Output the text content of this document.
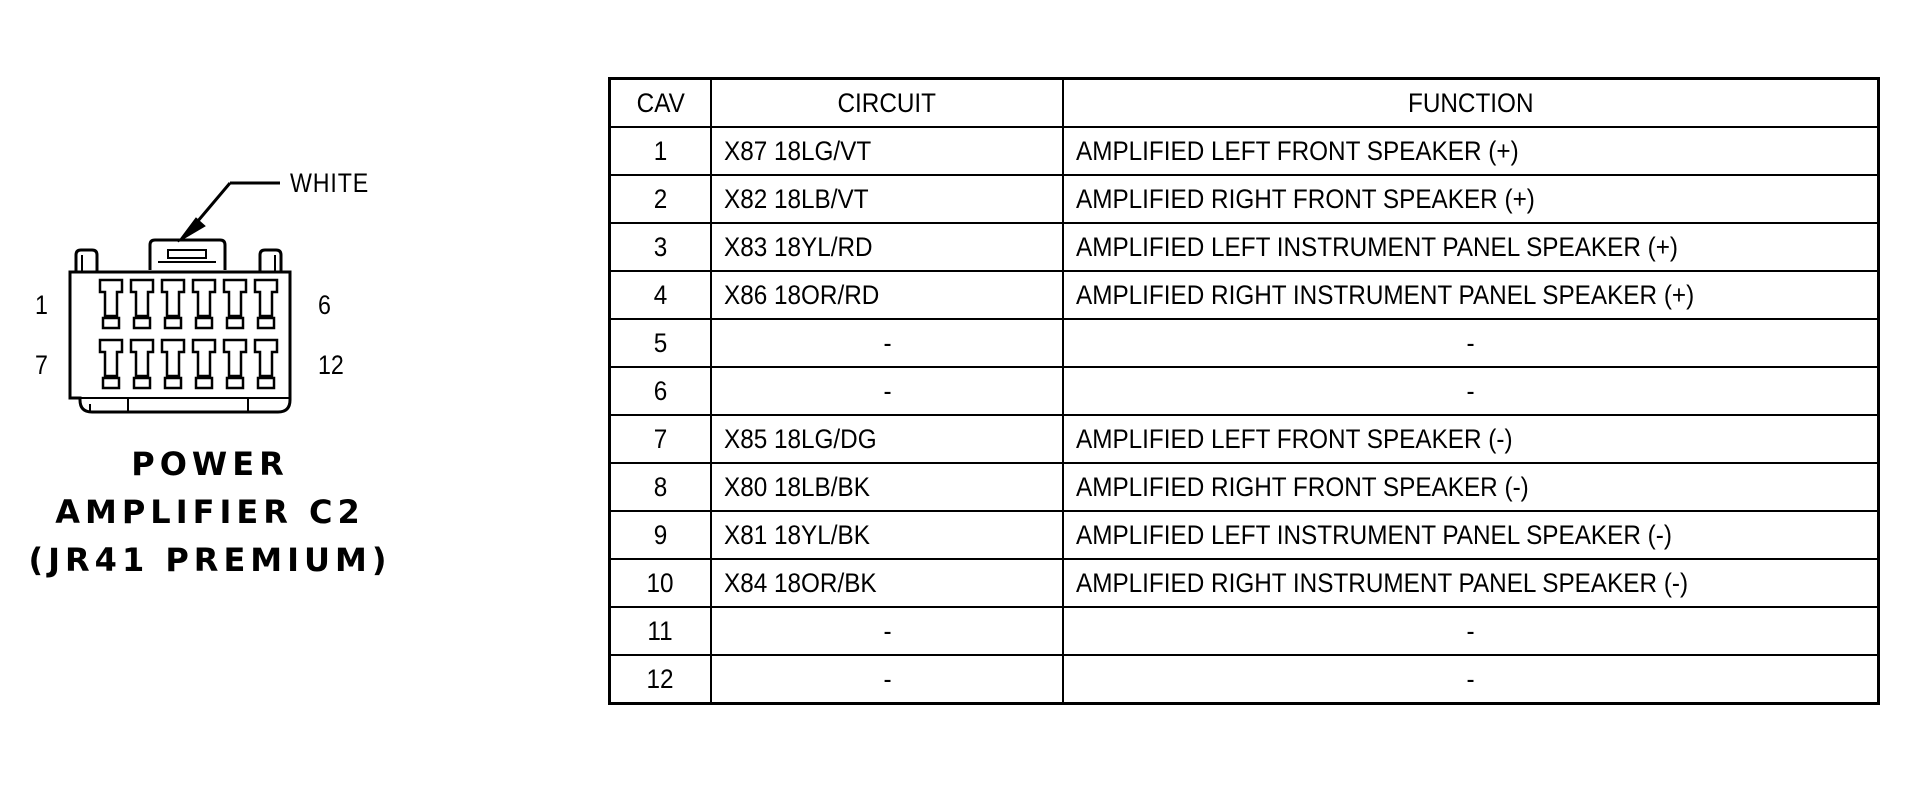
WHITE
1	6
7	12
POWER
AMPLIFIER C2
(JR41 PREMIUM)
CAV	CIRCUIT	FUNCTION
1	X87 18LG/VT	AMPLIFIED LEFT FRONT SPEAKER (+)
2	X82 18LB/VT	AMPLIFIED RIGHT FRONT SPEAKER (+)
3	X83 18YL/RD	AMPLIFIED LEFT INSTRUMENT PANEL SPEAKER (+)
4	X86 18OR/RD	AMPLIFIED RIGHT INSTRUMENT PANEL SPEAKER (+)
5	-	-
6	-	-
7	X85 18LG/DG	AMPLIFIED LEFT FRONT SPEAKER (-)
8	X80 18LB/BK	AMPLIFIED RIGHT FRONT SPEAKER (-)
9	X81 18YL/BK	AMPLIFIED LEFT INSTRUMENT PANEL SPEAKER (-)
10	X84 18OR/BK	AMPLIFIED RIGHT INSTRUMENT PANEL SPEAKER (-)
11	-	-
12	-	-
